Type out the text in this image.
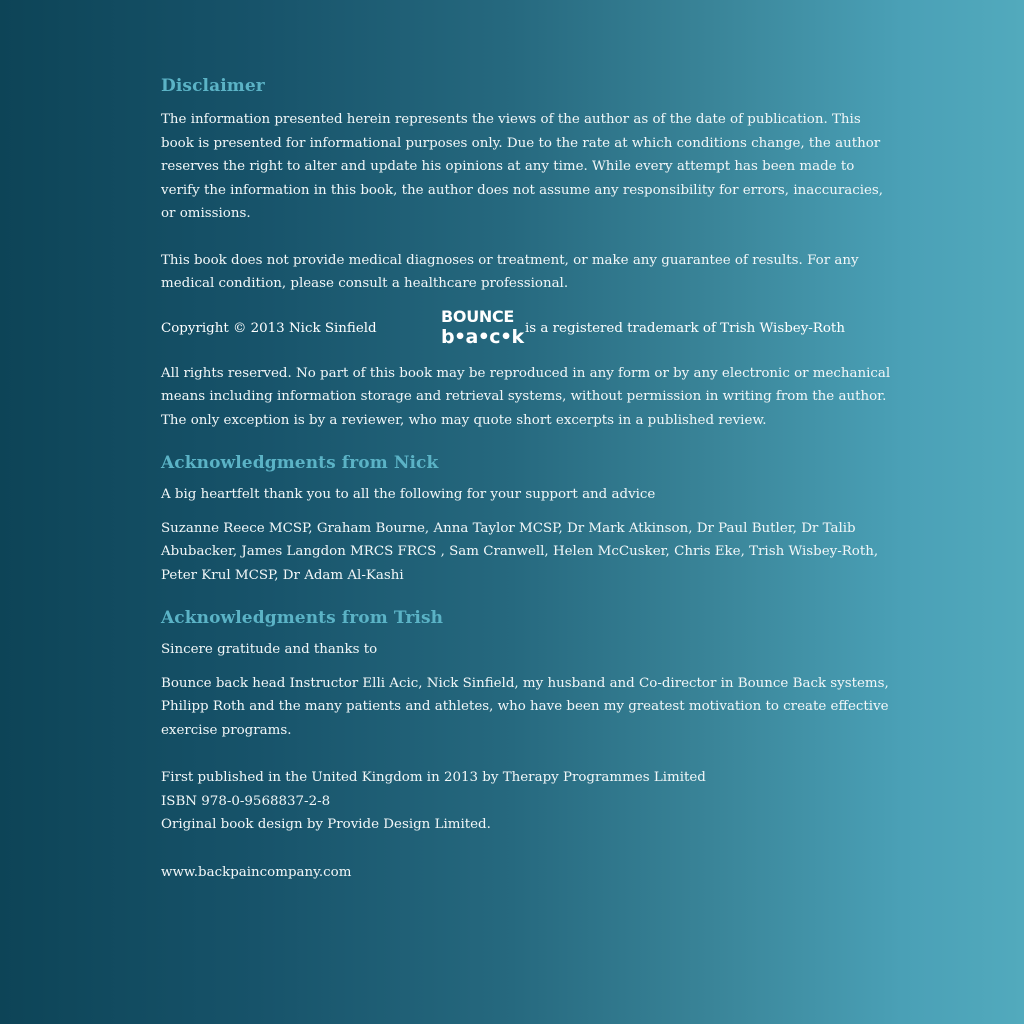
Disclaimer

The information presented herein represents the views of the author as of the date of publication. This book is presented for informational purposes only. Due to the rate at which conditions change, the author reserves the right to alter and update his opinions at any time. While every attempt has been made to verify the information in this book, the author does not assume any responsibility for errors, inaccuracies, or omissions.

This book does not provide medical diagnoses or treatment, or make any guarantee of results. For any medical condition, please consult a healthcare professional.

Copyright © 2013 Nick Sinfield
BOUNCE
b•a•c•k is a registered trademark of Trish Wisbey-Roth

All rights reserved. No part of this book may be reproduced in any form or by any electronic or mechanical means including information storage and retrieval systems, without permission in writing from the author. The only exception is by a reviewer, who may quote short excerpts in a published review.

Acknowledgments from Nick

A big heartfelt thank you to all the following for your support and advice

Suzanne Reece MCSP, Graham Bourne, Anna Taylor MCSP, Dr Mark Atkinson, Dr Paul Butler, Dr Talib Abubacker, James Langdon MRCS FRCS , Sam Cranwell, Helen McCusker, Chris Eke, Trish Wisbey-Roth, Peter Krul MCSP, Dr Adam Al-Kashi

Acknowledgments from Trish

Sincere gratitude and thanks to

Bounce back head Instructor Elli Acic, Nick Sinfield, my husband and Co-director in Bounce Back systems, Philipp Roth and the many patients and athletes, who have been my greatest motivation to create effective exercise programs.

First published in the United Kingdom in 2013 by Therapy Programmes Limited

ISBN 978-0-9568837-2-8

Original book design by Provide Design Limited.

www.backpaincompany.com
